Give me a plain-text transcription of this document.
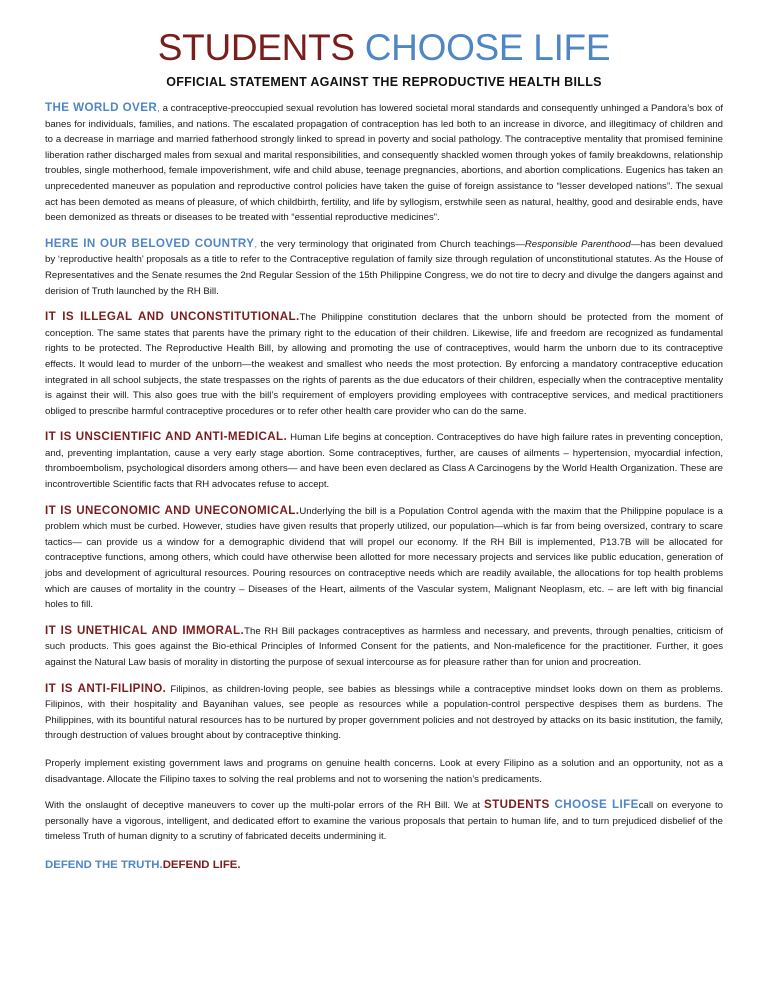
STUDENTS CHOOSE LIFE

OFFICIAL STATEMENT AGAINST THE REPRODUCTIVE HEALTH BILLS

THE WORLD OVER, a contraceptive-preoccupied sexual revolution has lowered societal moral standards and consequently unhinged a Pandora’s box of banes for individuals, families, and nations. The escalated propagation of contraception has led both to an increase in divorce, and illegitimacy of children and to a decrease in marriage and married fatherhood strongly linked to spread in poverty and social pathology. The contraceptive mentality that promised feminine liberation rather discharged males from sexual and marital responsibilities, and consequently shackled women through yokes of family breakdowns, relationship troubles, single motherhood, female impoverishment, wife and child abuse, teenage pregnancies, abortions, and abortion complications. Eugenics has taken an unprecedented maneuver as population and reproductive control policies have taken the guise of foreign assistance to “lesser developed nations”. The sexual act has been demoted as means of pleasure, of which childbirth, fertility, and life by syllogism, erstwhile seen as natural, healthy, good and desirable ends, have been demonized as threats or diseases to be treated with “essential reproductive medicines”.

HERE IN OUR BELOVED COUNTRY, the very terminology that originated from Church teachings—Responsible Parenthood—has been devalued by ‘reproductive health’ proposals as a title to refer to the Contraceptive regulation of family size through regulation of unconstitutional statutes. As the House of Representatives and the Senate resumes the 2nd Regular Session of the 15th Philippine Congress, we do not tire to decry and divulge the dangers against and derision of Truth launched by the RH Bill.

IT IS ILLEGAL AND UNCONSTITUTIONAL.The Philippine constitution declares that the unborn should be protected from the moment of conception. The same states that parents have the primary right to the education of their children. Likewise, life and freedom are recognized as fundamental rights to be protected. The Reproductive Health Bill, by allowing and promoting the use of contraceptives, would harm the unborn due to its contraceptive effects. It would lead to murder of the unborn—the weakest and smallest who needs the most protection. By enforcing a mandatory contraceptive education integrated in all school subjects, the state trespasses on the rights of parents as the due educators of their children, especially when the contraceptive mentality is against their will. This also goes true with the bill’s requirement of employers providing employees with contraceptive services, and medical practitioners obliged to prescribe harmful contraceptive procedures or to refer other health care provider who can do the same.

IT IS UNSCIENTIFIC AND ANTI-MEDICAL. Human Life begins at conception. Contraceptives do have high failure rates in preventing conception, and, preventing implantation, cause a very early stage abortion. Some contraceptives, further, are causes of ailments – hypertension, myocardial infection, thromboembolism, psychological disorders among others— and have been even declared as Class A Carcinogens by the World Health Organization. These are incontrovertible Scientific facts that RH advocates refuse to accept.

IT IS UNECONOMIC AND UNECONOMICAL.Underlying the bill is a Population Control agenda with the maxim that the Philippine populace is a problem which must be curbed. However, studies have given results that properly utilized, our population—which is far from being oversized, contrary to scare tactics— can provide us a window for a demographic dividend that will propel our economy. If the RH Bill is implemented, P13.7B will be allocated for contraceptive functions, among others, which could have otherwise been allotted for more necessary projects and services like public education, generation of jobs and development of agricultural resources. Pouring resources on contraceptive needs which are readily available, the allocations for top health problems which are causes of mortality in the country – Diseases of the Heart, ailments of the Vascular system, Malignant Neoplasm, etc. – are left with big financial holes to fill.

IT IS UNETHICAL AND IMMORAL.The RH Bill packages contraceptives as harmless and necessary, and prevents, through penalties, criticism of such products. This goes against the Bio-ethical Principles of Informed Consent for the patients, and Non-maleficence for the practitioner. Further, it goes against the Natural Law basis of morality in distorting the purpose of sexual intercourse as for pleasure rather than for union and procreation.

IT IS ANTI-FILIPINO. Filipinos, as children-loving people, see babies as blessings while a contraceptive mindset looks down on them as problems. Filipinos, with their hospitality and Bayanihan values, see people as resources while a population-control perspective despises them as burdens. The Philippines, with its bountiful natural resources has to be nurtured by proper government policies and not destroyed by attacks on its basic institution, the family, through destruction of values brought about by contraceptive thinking.

Properly implement existing government laws and programs on genuine health concerns. Look at every Filipino as a solution and an opportunity, not as a disadvantage. Allocate the Filipino taxes to solving the real problems and not to worsening the nation’s predicaments.

With the onslaught of deceptive maneuvers to cover up the multi-polar errors of the RH Bill. We at STUDENTS CHOOSE LIFEcall on everyone to personally have a vigorous, intelligent, and dedicated effort to examine the various proposals that pertain to human life, and to turn prejudiced disbelief of the timeless Truth of human dignity to a scrutiny of fabricated deceits undermining it.

DEFEND THE TRUTH.DEFEND LIFE.
